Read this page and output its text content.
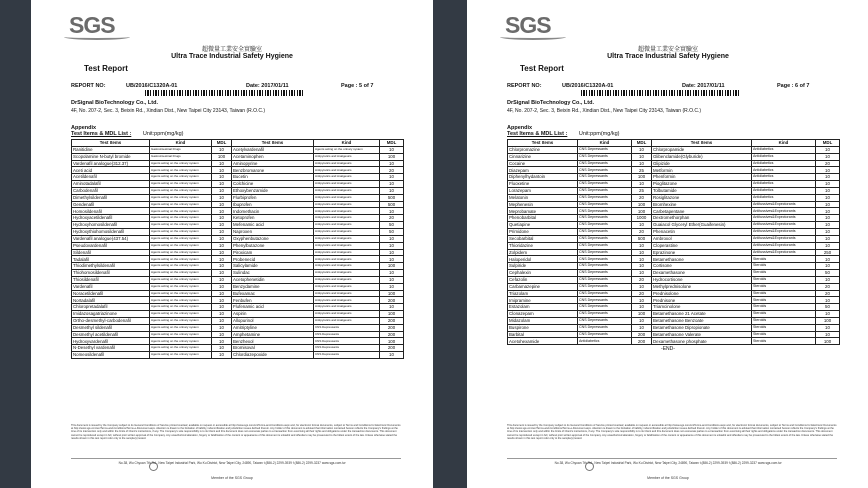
SGS
超微量工業安全實驗室
Ultra Trace Industrial Safety Hygiene
Test Report
REPORT NO:	UB/2016/C1320A-01	Date: 2017/01/11	Page : 5 of 7
DrSignal BioTechnology Co., Ltd.
4F, No. 207-2, Sec. 3, Beixin Rd., Xindian Dist., New Taipei City 23143, Taiwan (R.O.C.)
Appendix
Test Items & MDL List : Unit:ppm(mg/kg)
Test Items	Kind	MDL	Test Items	Kind	MDL
Ranitidine	Gastrointestinal Drugs	10	Acetylvardenafil	Agents acting on the urinary system	10
Scopolamine N-butyl bromide	Gastrointestinal Drugs	100	Acetaminophen	Antipyretics and Analgesics	100
Vardenafil analogue(312.37)	Agents acting on the urinary system	10	Aminopyrine	Antipyretics and Analgesics	10
Aceti acid	Agents acting on the urinary system	10	Benzbromarone	Antipyretics and Analgesics	20
Acetildenafil	Agents acting on the urinary system	10	Bucetin	Antipyretics and Analgesics	10
Aminotadalafil	Agents acting on the urinary system	10	Colchicine	Antipyretics and Analgesics	10
Carbodenafil	Agents acting on the urinary system	10	Ethoxybenzamide	Antipyretics and Analgesics	10
Dimethylsildenafil	Agents acting on the urinary system	10	Flurbiprofen	Antipyretics and Analgesics	500
Gendenafil	Agents acting on the urinary system	10	Ibuprofen	Antipyretics and Analgesics	500
Homosildenafil	Agents acting on the urinary system	10	Indomethacin	Antipyretics and Analgesics	10
Hydroxyacetildenafil	Agents acting on the urinary system	10	Ketoprofen	Antipyretics and Analgesics	20
Hydroxyhomosildenafil	Agents acting on the urinary system	10	Mefenamic acid	Antipyretics and Analgesics	50
Hydroxythiohomosildenafil	Agents acting on the urinary system	10	Naproxen	Antipyretics and Analgesics	50
Vardenafil analogue(437.54)	Agents acting on the urinary system	10	Oxyphenbutazone	Antipyretics and Analgesics	10
Pseudovardenafil	Agents acting on the urinary system	10	Phenylbutazone	Antipyretics and Analgesics	10
Sildenafil	Agents acting on the urinary system	10	Piroxicam	Antipyretics and Analgesics	10
Tadalafil	Agents acting on the urinary system	10	Probenecid	Antipyretics and Analgesics	10
Thiodimethylsildenafil	Agents acting on the urinary system	10	Salicylamide	Antipyretics and Analgesics	100
Thiohomosildenafil	Agents acting on the urinary system	10	Sulindac	Antipyretics and Analgesics	10
Thiosildenafil	Agents acting on the urinary system	10	Acetophenetidin	Antipyretics and Analgesics	10
Vardenafil	Agents acting on the urinary system	10	Benzydamine	Antipyretics and Analgesics	10
Noracetildenafil	Agents acting on the urinary system	10	Bufexamac	Antipyretics and Analgesics	100
Nortadalafil	Agents acting on the urinary system	10	Fenbufen	Antipyretics and Analgesics	200
Chloropretadalafil	Agents acting on the urinary system	10	Flufenamic acid	Antipyretics and Analgesics	10
Imidazosagatriazinone	Agents acting on the urinary system	10	Aspirin	Antipyretics and Analgesics	100
Ortho-desmethyl-carbodenafil	Agents acting on the urinary system	10	Allopurinol	Antipyretics and Analgesics	200
Desmethyl sildenafil	Agents acting on the urinary system	10	Amitriptyline	CNS Depressants	200
Desmethyl acetildenafil	Agents acting on the urinary system	10	Amphetamine	CNS Depressants	200
Hydroxyvardenafil	Agents acting on the urinary system	10	Benzhexol	CNS Depressants	100
N-Desethyl vardenafil	Agents acting on the urinary system	10	Bromisoval	CNS Depressants	200
Nomeosildenafil	Agents acting on the urinary system	10	Chlordiazepoxide	CNS Depressants	10
This document is issued by the Company subject to its General Conditions of Service printed overleaf, available on request or accessible at http://www.sgs.com/en/Terms-and-Conditions.aspx and, for electronic format documents, subject to Terms and Conditions for Electronic Documents at http://www.sgs.com/en/Terms-and-Conditions/Terms-e-Document.aspx. Attention is drawn to the limitation of liability, indemnification and jurisdiction issues defined therein. Any holder of this document is advised that information contained hereon reflects the Company's findings at the time of its intervention only and within the limits of Client's instructions, if any. The Company's sole responsibility is to its Client and this document does not exonerate parties to a transaction from exercising all their rights and obligations under the transaction documents. This document cannot be reproduced except in full, without prior written approval of the Company. Any unauthorized alteration, forgery or falsification of the content or appearance of this document is unlawful and offenders may be prosecuted to the fullest extent of the law. Unless otherwise stated the results shown in this test report refer only to the sample(s) tested.
No.38, Wu Chyuan 7th Rd., New Taipei Industrial Park, Wu Ku District, New Taipei City, 24890, Taiwan t (886-2) 2299-3939 f (886-2) 2299-3237 www.sgs.com.tw
Member of the SGS Group
SGS
超微量工業安全實驗室
Ultra Trace Industrial Safety Hygiene
Test Report
REPORT NO:	UB/2016/C1320A-01	Date: 2017/01/11	Page : 6 of 7
DrSignal BioTechnology Co., Ltd.
4F, No. 207-2, Sec. 3, Beixin Rd., Xindian Dist., New Taipei City 23143, Taiwan (R.O.C.)
Appendix
Test Items & MDL List : Unit:ppm(mg/kg)
Test Items	Kind	MDL	Test Items	Kind	MDL
Chlorpromazine	CNS Depressants	10	Chlorpropamide	Antidiabetics	10
Cinnarizine	CNS Depressants	10	Glibenclamide(Glyburide)	Antidiabetics	10
Cocaine	CNS Depressants	10	Glipizide	Antidiabetics	20
Diazepam	CNS Depressants	25	Metformin	Antidiabetics	10
Diphenylhydantoin	CNS Depressants	100	Phenformin	Antidiabetics	10
Fluoxetine	CNS Depressants	10	Pioglitazone	Antidiabetics	10
Lorazepam	CNS Depressants	25	Tolbutamide	Antidiabetics	10
Melatonin	CNS Depressants	20	Rosiglitazone	Antidiabetics	10
Mephenesin	CNS Depressants	100	Bromhexine	Antitussives&Expectorants	10
Meprobamate	CNS Depressants	100	Carbetapentane	Antitussives&Expectorants	10
Phenobarbital	CNS Depressants	1000	Dextromethorphan	Antitussives&Expectorants	10
Quetiapine	CNS Depressants	10	Guaiacol Glyceryl Ether(Guaifenesin)	Antitussives&Expectorants	10
Primidone	CNS Depressants	20	Phenacetin	Antitussives&Expectorants	10
Secobarbital	CNS Depressants	500	Ambroxol	Antitussives&Expectorants	10
Thioridazine	CNS Depressants	10	Cloperastine	Antitussives&Expectorants	10
Zolpidem	CNS Depressants	10	Eprazinone	Antitussives&Expectorants	250
Haloperidol	CNS Depressants	10	Betamethasone	Steroids	10
Sulpiride	CNS Depressants	10	Cortisone	Steroids	10
Cephalexin	CNS Depressants	10	Dexamethasone	Steroids	50
Cefazolin	CNS Depressants	20	Hydrocortisone	Steroids	10
Carbamazepine	CNS Depressants	10	Methylprednisolone	Steroids	20
Triazolam	CNS Depressants	20	Prednisolone	Steroids	20
Imipramine	CNS Depressants	10	Prednisone	Steroids	10
Estazolam	CNS Depressants	10	Triamcinolone	Steroids	50
Clonazepam	CNS Depressants	100	Betamethasone 21 Acetate	Steroids	10
Midazolam	CNS Depressants	10	Betamethasone Benzoate	Steroids	100
Buspirone	CNS Depressants	10	Betamethasone Dipropionate	Steroids	10
Barbital	CNS Depressants	200	Betamethasone Valerate	Steroids	10
Acetohexamide	Antidiabetics	200	Dexamethasone phosphate	Steroids	100
-END-
This document is issued by the Company subject to its General Conditions of Service printed overleaf, available on request or accessible at http://www.sgs.com/en/Terms-and-Conditions.aspx and, for electronic format documents, subject to Terms and Conditions for Electronic Documents at http://www.sgs.com/en/Terms-and-Conditions/Terms-e-Document.aspx. Attention is drawn to the limitation of liability, indemnification and jurisdiction issues defined therein. Any holder of this document is advised that information contained hereon reflects the Company's findings at the time of its intervention only and within the limits of Client's instructions, if any. The Company's sole responsibility is to its Client and this document does not exonerate parties to a transaction from exercising all their rights and obligations under the transaction documents. This document cannot be reproduced except in full, without prior written approval of the Company. Any unauthorized alteration, forgery or falsification of the content or appearance of this document is unlawful and offenders may be prosecuted to the fullest extent of the law. Unless otherwise stated the results shown in this test report refer only to the sample(s) tested.
No.38, Wu Chyuan 7th Rd., New Taipei Industrial Park, Wu Ku District, New Taipei City, 24890, Taiwan t (886-2) 2299-3939 f (886-2) 2299-3237 www.sgs.com.tw
Member of the SGS Group
